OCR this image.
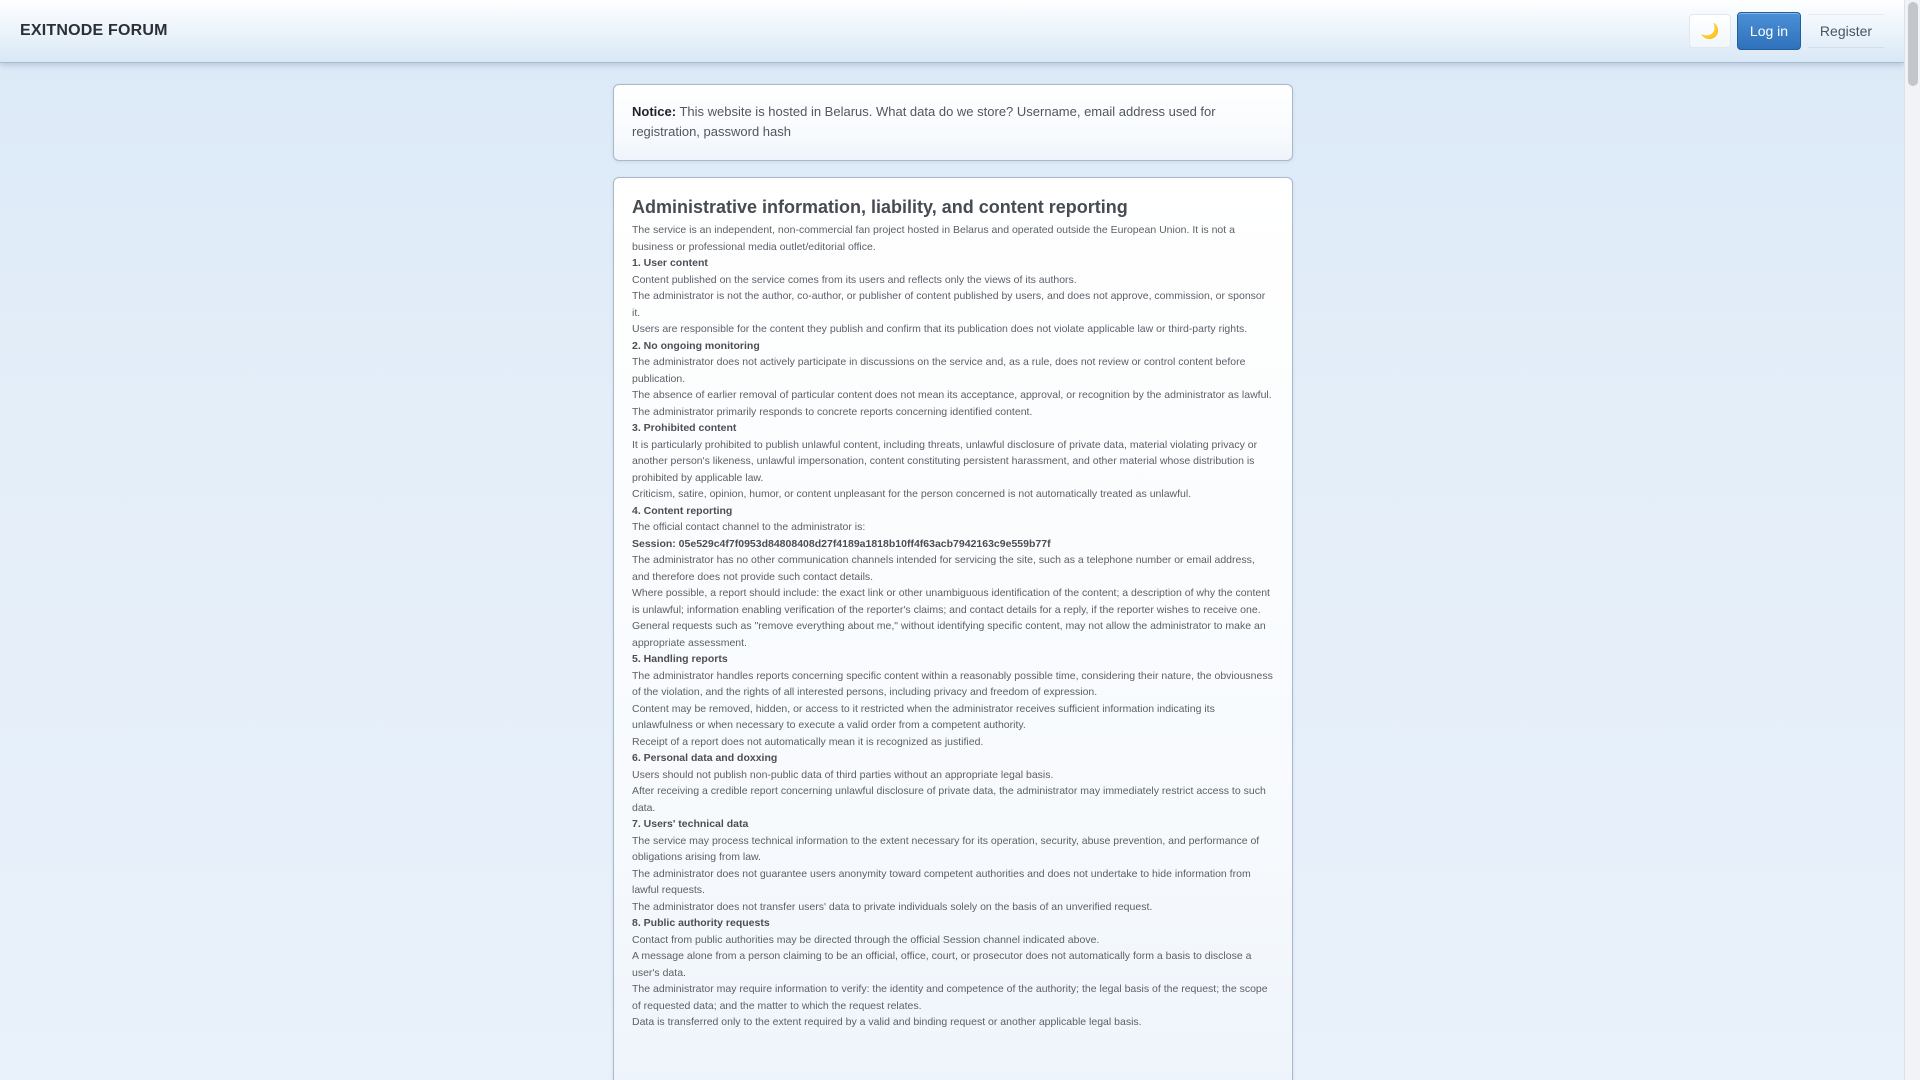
EXITNODE FORUM	🌙	Log in	Register
Notice: This website is hosted in Belarus. What data do we store? Username, email address used for registration, password hash
Administrative information, liability, and content reporting

The service is an independent, non-commercial fan project hosted in Belarus and operated outside the European Union. It is not a business or professional media outlet/editorial office.

1. User content

Content published on the service comes from its users and reflects only the views of its authors.

The administrator is not the author, co-author, or publisher of content published by users, and does not approve, commission, or sponsor it.

Users are responsible for the content they publish and confirm that its publication does not violate applicable law or third-party rights.

2. No ongoing monitoring

The administrator does not actively participate in discussions on the service and, as a rule, does not review or control content before publication.

The absence of earlier removal of particular content does not mean its acceptance, approval, or recognition by the administrator as lawful.

The administrator primarily responds to concrete reports concerning identified content.

3. Prohibited content

It is particularly prohibited to publish unlawful content, including threats, unlawful disclosure of private data, material violating privacy or another person's likeness, unlawful impersonation, content constituting persistent harassment, and other material whose distribution is prohibited by applicable law.

Criticism, satire, opinion, humor, or content unpleasant for the person concerned is not automatically treated as unlawful.

4. Content reporting

The official contact channel to the administrator is:

Session: 05e529c4f7f0953d84808408d27f4189a1818b10ff4f63acb7942163c9e559b77f

The administrator has no other communication channels intended for servicing the site, such as a telephone number or email address, and therefore does not provide such contact details.

Where possible, a report should include: the exact link or other unambiguous identification of the content; a description of why the content is unlawful; information enabling verification of the reporter's claims; and contact details for a reply, if the reporter wishes to receive one.

General requests such as "remove everything about me," without identifying specific content, may not allow the administrator to make an appropriate assessment.

5. Handling reports

The administrator handles reports concerning specific content within a reasonably possible time, considering their nature, the obviousness of the violation, and the rights of all interested persons, including privacy and freedom of expression.

Content may be removed, hidden, or access to it restricted when the administrator receives sufficient information indicating its unlawfulness or when necessary to execute a valid order from a competent authority.

Receipt of a report does not automatically mean it is recognized as justified.

6. Personal data and doxxing

Users should not publish non-public data of third parties without an appropriate legal basis.

After receiving a credible report concerning unlawful disclosure of private data, the administrator may immediately restrict access to such data.

7. Users' technical data

The service may process technical information to the extent necessary for its operation, security, abuse prevention, and performance of obligations arising from law.

The administrator does not guarantee users anonymity toward competent authorities and does not undertake to hide information from lawful requests.

The administrator does not transfer users' data to private individuals solely on the basis of an unverified request.

8. Public authority requests

Contact from public authorities may be directed through the official Session channel indicated above.

A message alone from a person claiming to be an official, office, court, or prosecutor does not automatically form a basis to disclose a user's data.

The administrator may require information to verify: the identity and competence of the authority; the legal basis of the request; the scope of requested data; and the matter to which the request relates.

Data is transferred only to the extent required by a valid and binding request or another applicable legal basis.
